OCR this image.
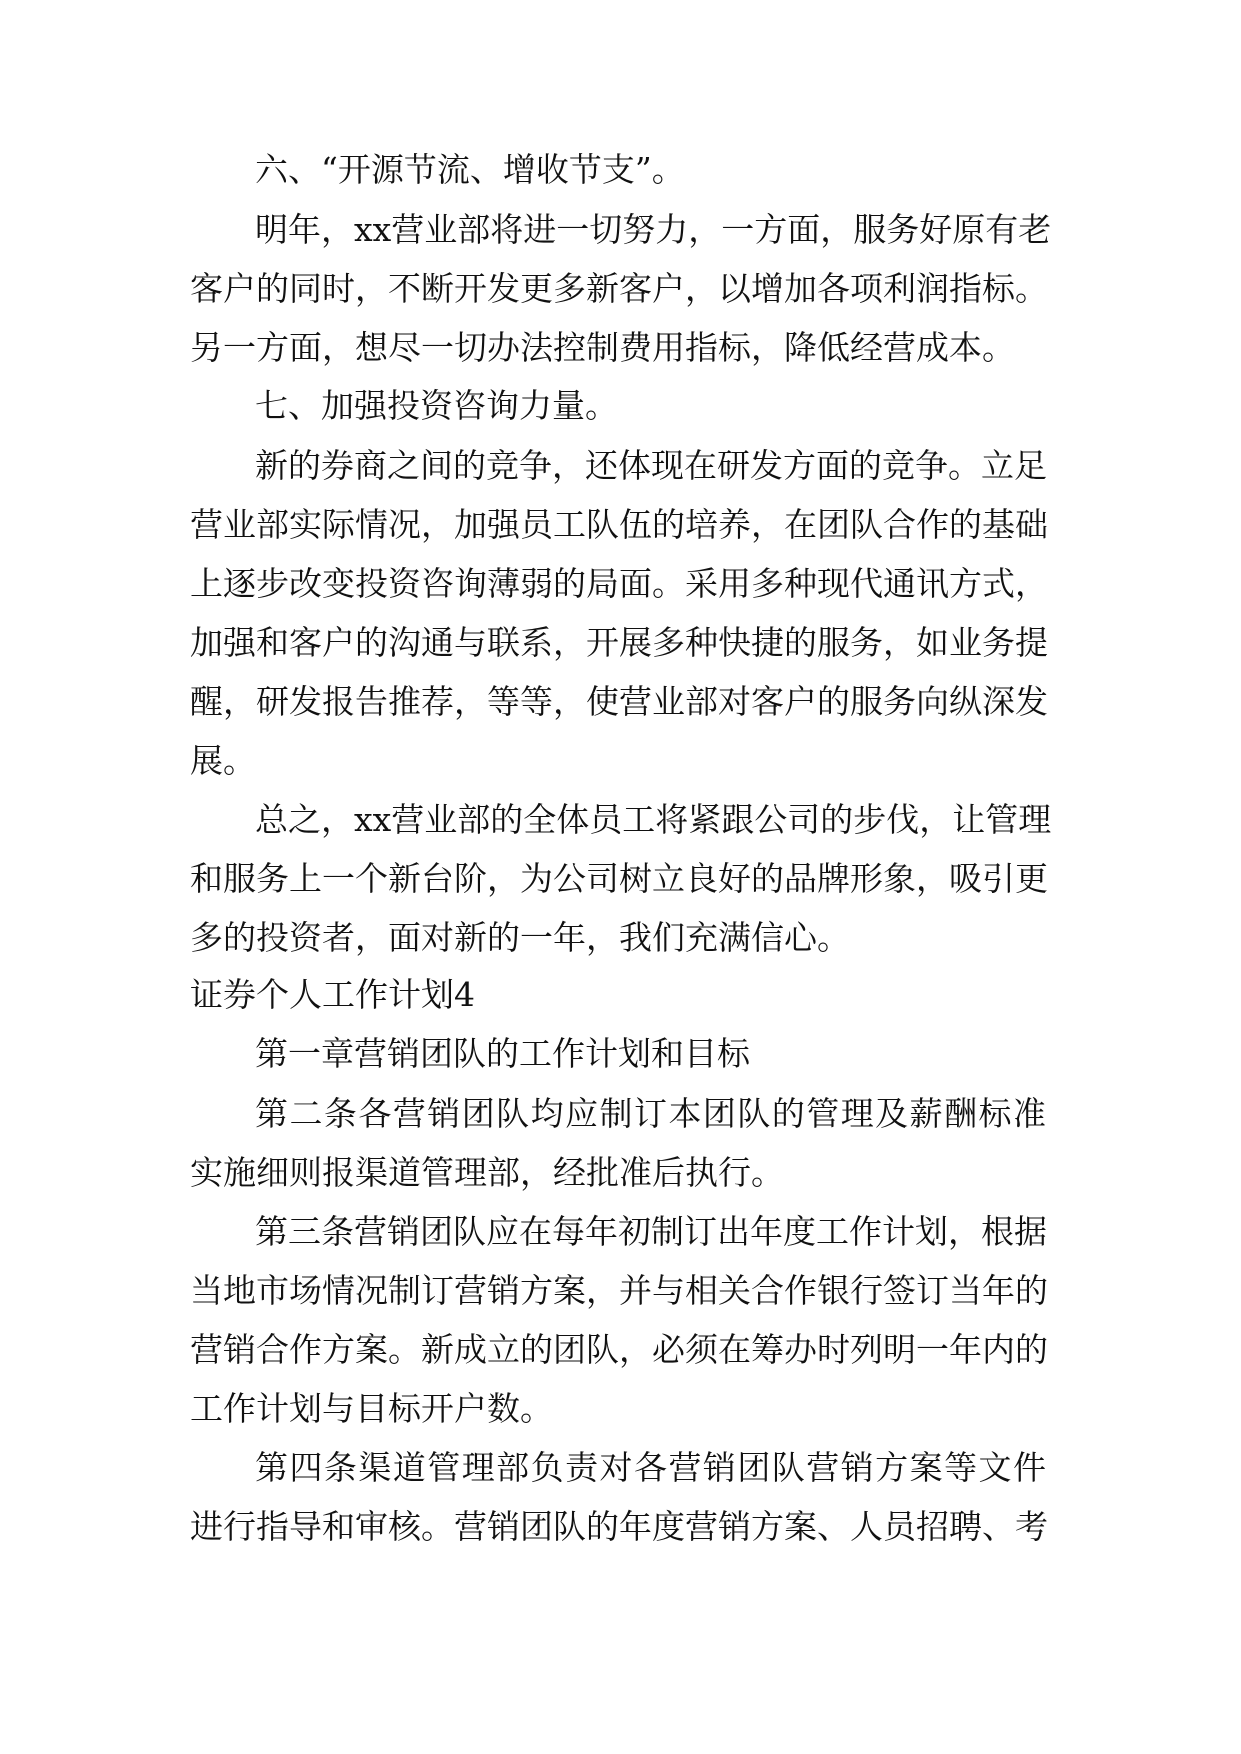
六、“开源节流、增收节支”。
明年，xx营业部将进一切努力，一方面，服务好原有老
客户的同时，不断开发更多新客户，以增加各项利润指标。
另一方面，想尽一切办法控制费用指标，降低经营成本。
七、加强投资咨询力量。
新的券商之间的竞争，还体现在研发方面的竞争。立足
营业部实际情况，加强员工队伍的培养，在团队合作的基础
上逐步改变投资咨询薄弱的局面。采用多种现代通讯方式，
加强和客户的沟通与联系，开展多种快捷的服务，如业务提
醒，研发报告推荐，等等，使营业部对客户的服务向纵深发
展。
总之，xx营业部的全体员工将紧跟公司的步伐，让管理
和服务上一个新台阶，为公司树立良好的品牌形象，吸引更
多的投资者，面对新的一年，我们充满信心。
证券个人工作计划4
第一章营销团队的工作计划和目标
第二条各营销团队均应制订本团队的管理及薪酬标准
实施细则报渠道管理部，经批准后执行。
第三条营销团队应在每年初制订出年度工作计划，根据
当地市场情况制订营销方案，并与相关合作银行签订当年的
营销合作方案。新成立的团队，必须在筹办时列明一年内的
工作计划与目标开户数。
第四条渠道管理部负责对各营销团队营销方案等文件
进行指导和审核。营销团队的年度营销方案、人员招聘、考
